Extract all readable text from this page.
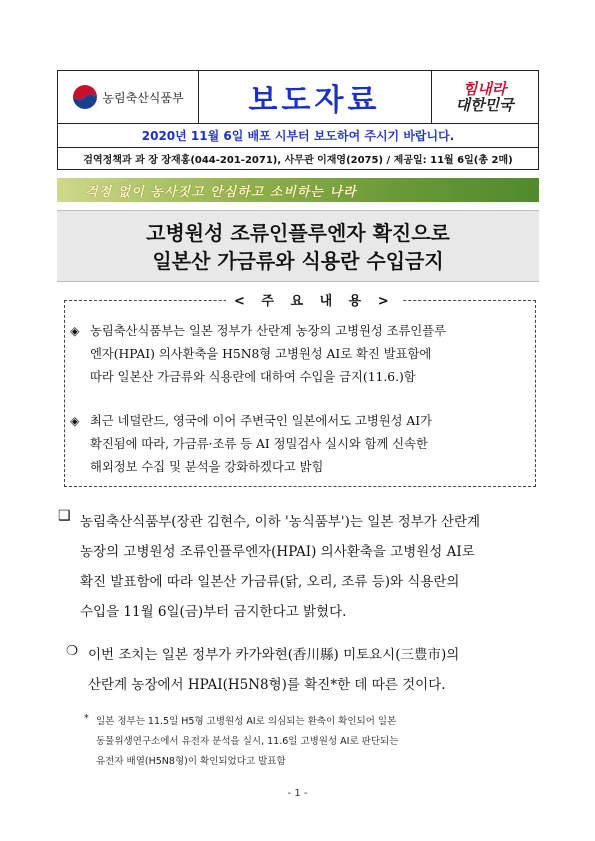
농림축산식품부 보도자료	힘내라
대한민국
2020년 11월 6일 배포 시부터 보도하여 주시기 바랍니다.
검역정책과 과 장 장재홍(044-201-2071), 사무관 이재영(2075) / 제공일: 11월 6일(총 2매)
걱정 없이 농사짓고 안심하고 소비하는 나라
고병원성 조류인플루엔자 확진으로
일본산 가금류와 식용란 수입금지
< 주 요 내 용 >
◈ 농림축산식품부는 일본 정부가 산란계 농장의 고병원성 조류인플루
엔자(HPAI) 의사환축을 H5N8형 고병원성 AI로 확진 발표함에
따라 일본산 가금류와 식용란에 대하여 수입을 금지(11.6.)함
◈ 최근 네덜란드, 영국에 이어 주변국인 일본에서도 고병원성 AI가
확진됨에 따라, 가금류·조류 등 AI 정밀검사 실시와 함께 신속한
해외정보 수집 및 분석을 강화하겠다고 밝힘
❑ 농림축산식품부(장관 김현수, 이하 '농식품부')는 일본 정부가 산란계
농장의 고병원성 조류인플루엔자(HPAI) 의사환축을 고병원성 AI로
확진 발표함에 따라 일본산 가금류(닭, 오리, 조류 등)와 식용란의
수입을 11월 6일(금)부터 금지한다고 밝혔다.
❍ 이번 조치는 일본 정부가 카가와현(香川縣) 미토요시(三豊市)의
산란계 농장에서 HPAI(H5N8형)를 확진*한 데 따른 것이다.
* 일본 정부는 11.5일 H5형 고병원성 AI로 의심되는 환축이 확인되어 일본
동물위생연구소에서 유전자 분석을 실시, 11.6일 고병원성 AI로 판단되는
유전자 배열(H5N8형)이 확인되었다고 발표함
- 1 -
